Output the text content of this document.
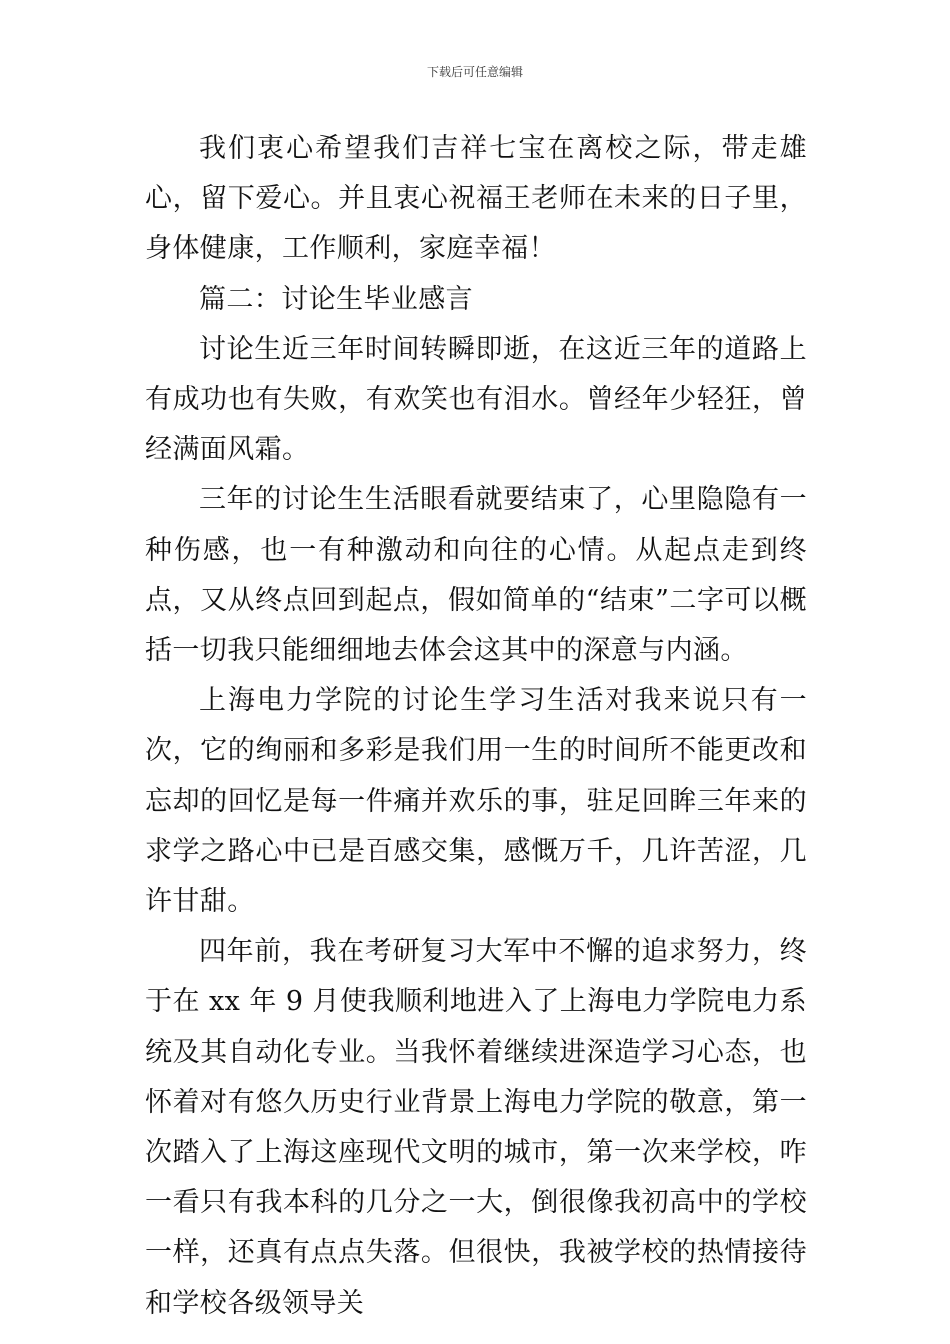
下载后可任意编辑

我们衷心希望我们吉祥七宝在离校之际，带走雄心，留下爱心。并且衷心祝福王老师在未来的日子里，身体健康，工作顺利，家庭幸福！

篇二：讨论生毕业感言

讨论生近三年时间转瞬即逝，在这近三年的道路上有成功也有失败，有欢笑也有泪水。曾经年少轻狂，曾经满面风霜。

三年的讨论生生活眼看就要结束了，心里隐隐有一种伤感，也一有种激动和向往的心情。从起点走到终点，又从终点回到起点，假如简单的“结束”二字可以概括一切我只能细细地去体会这其中的深意与内涵。

上海电力学院的讨论生学习生活对我来说只有一次，它的绚丽和多彩是我们用一生的时间所不能更改和忘却的回忆是每一件痛并欢乐的事，驻足回眸三年来的求学之路心中已是百感交集，感慨万千，几许苦涩，几许甘甜。

四年前，我在考研复习大军中不懈的追求努力，终于在 xx 年 9 月使我顺利地进入了上海电力学院电力系统及其自动化专业。当我怀着继续进深造学习心态，也怀着对有悠久历史行业背景上海电力学院的敬意，第一次踏入了上海这座现代文明的城市，第一次来学校，咋一看只有我本科的几分之一大，倒很像我初高中的学校一样，还真有点点失落。但很快，我被学校的热情接待和学校各级领导关
